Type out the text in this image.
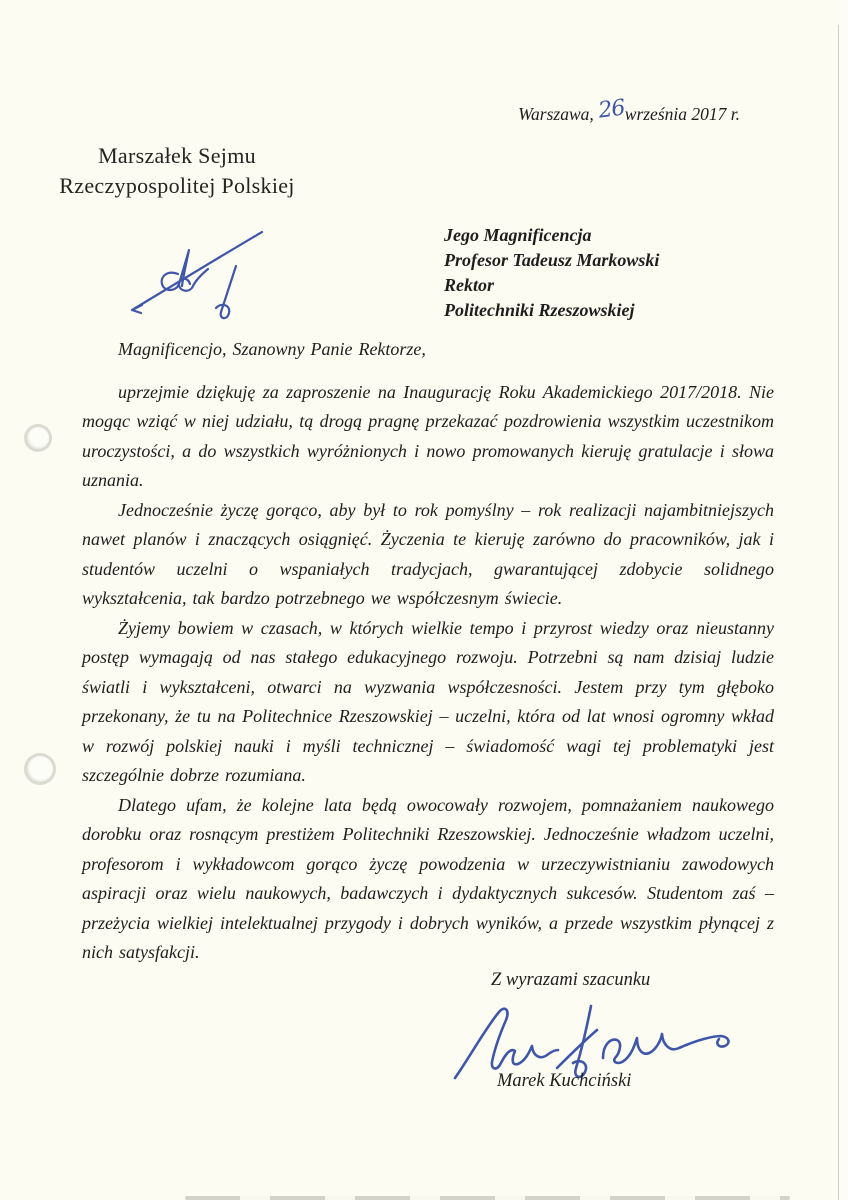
Warszawa, 26września 2017 r.
Marszałek Sejmu
Rzeczypospolitej Polskiej
Jego Magnificencja
Profesor Tadeusz Markowski
Rektor
Politechniki Rzeszowskiej

Magnificencjo, Szanowny Panie Rektorze,

uprzejmie dziękuję za zaproszenie na Inaugurację Roku Akademickiego 2017/2018. Nie mogąc wziąć w niej udziału, tą drogą pragnę przekazać pozdrowienia wszystkim uczestnikom uroczystości, a do wszystkich wyróżnionych i nowo promowanych kieruję gratulacje i słowa uznania.

Jednocześnie życzę gorąco, aby był to rok pomyślny – rok realizacji najambitniejszych nawet planów i znaczących osiągnięć. Życzenia te kieruję zarówno do pracowników, jak i studentów uczelni o wspaniałych tradycjach, gwarantującej zdobycie solidnego wykształcenia, tak bardzo potrzebnego we współczesnym świecie.

Żyjemy bowiem w czasach, w których wielkie tempo i przyrost wiedzy oraz nieustanny postęp wymagają od nas stałego edukacyjnego rozwoju. Potrzebni są nam dzisiaj ludzie światli i wykształceni, otwarci na wyzwania współczesności. Jestem przy tym głęboko przekonany, że tu na Politechnice Rzeszowskiej – uczelni, która od lat wnosi ogromny wkład w rozwój polskiej nauki i myśli technicznej – świadomość wagi tej problematyki jest szczególnie dobrze rozumiana.

Dlatego ufam, że kolejne lata będą owocowały rozwojem, pomnażaniem naukowego dorobku oraz rosnącym prestiżem Politechniki Rzeszowskiej. Jednocześnie władzom uczelni, profesorom i wykładowcom gorąco życzę powodzenia w urzeczywistnianiu zawodowych aspiracji oraz wielu naukowych, badawczych i dydaktycznych sukcesów. Studentom zaś – przeżycia wielkiej intelektualnej przygody i dobrych wyników, a przede wszystkim płynącej z nich satysfakcji.

Z wyrazami szacunku
Marek Kuchciński
